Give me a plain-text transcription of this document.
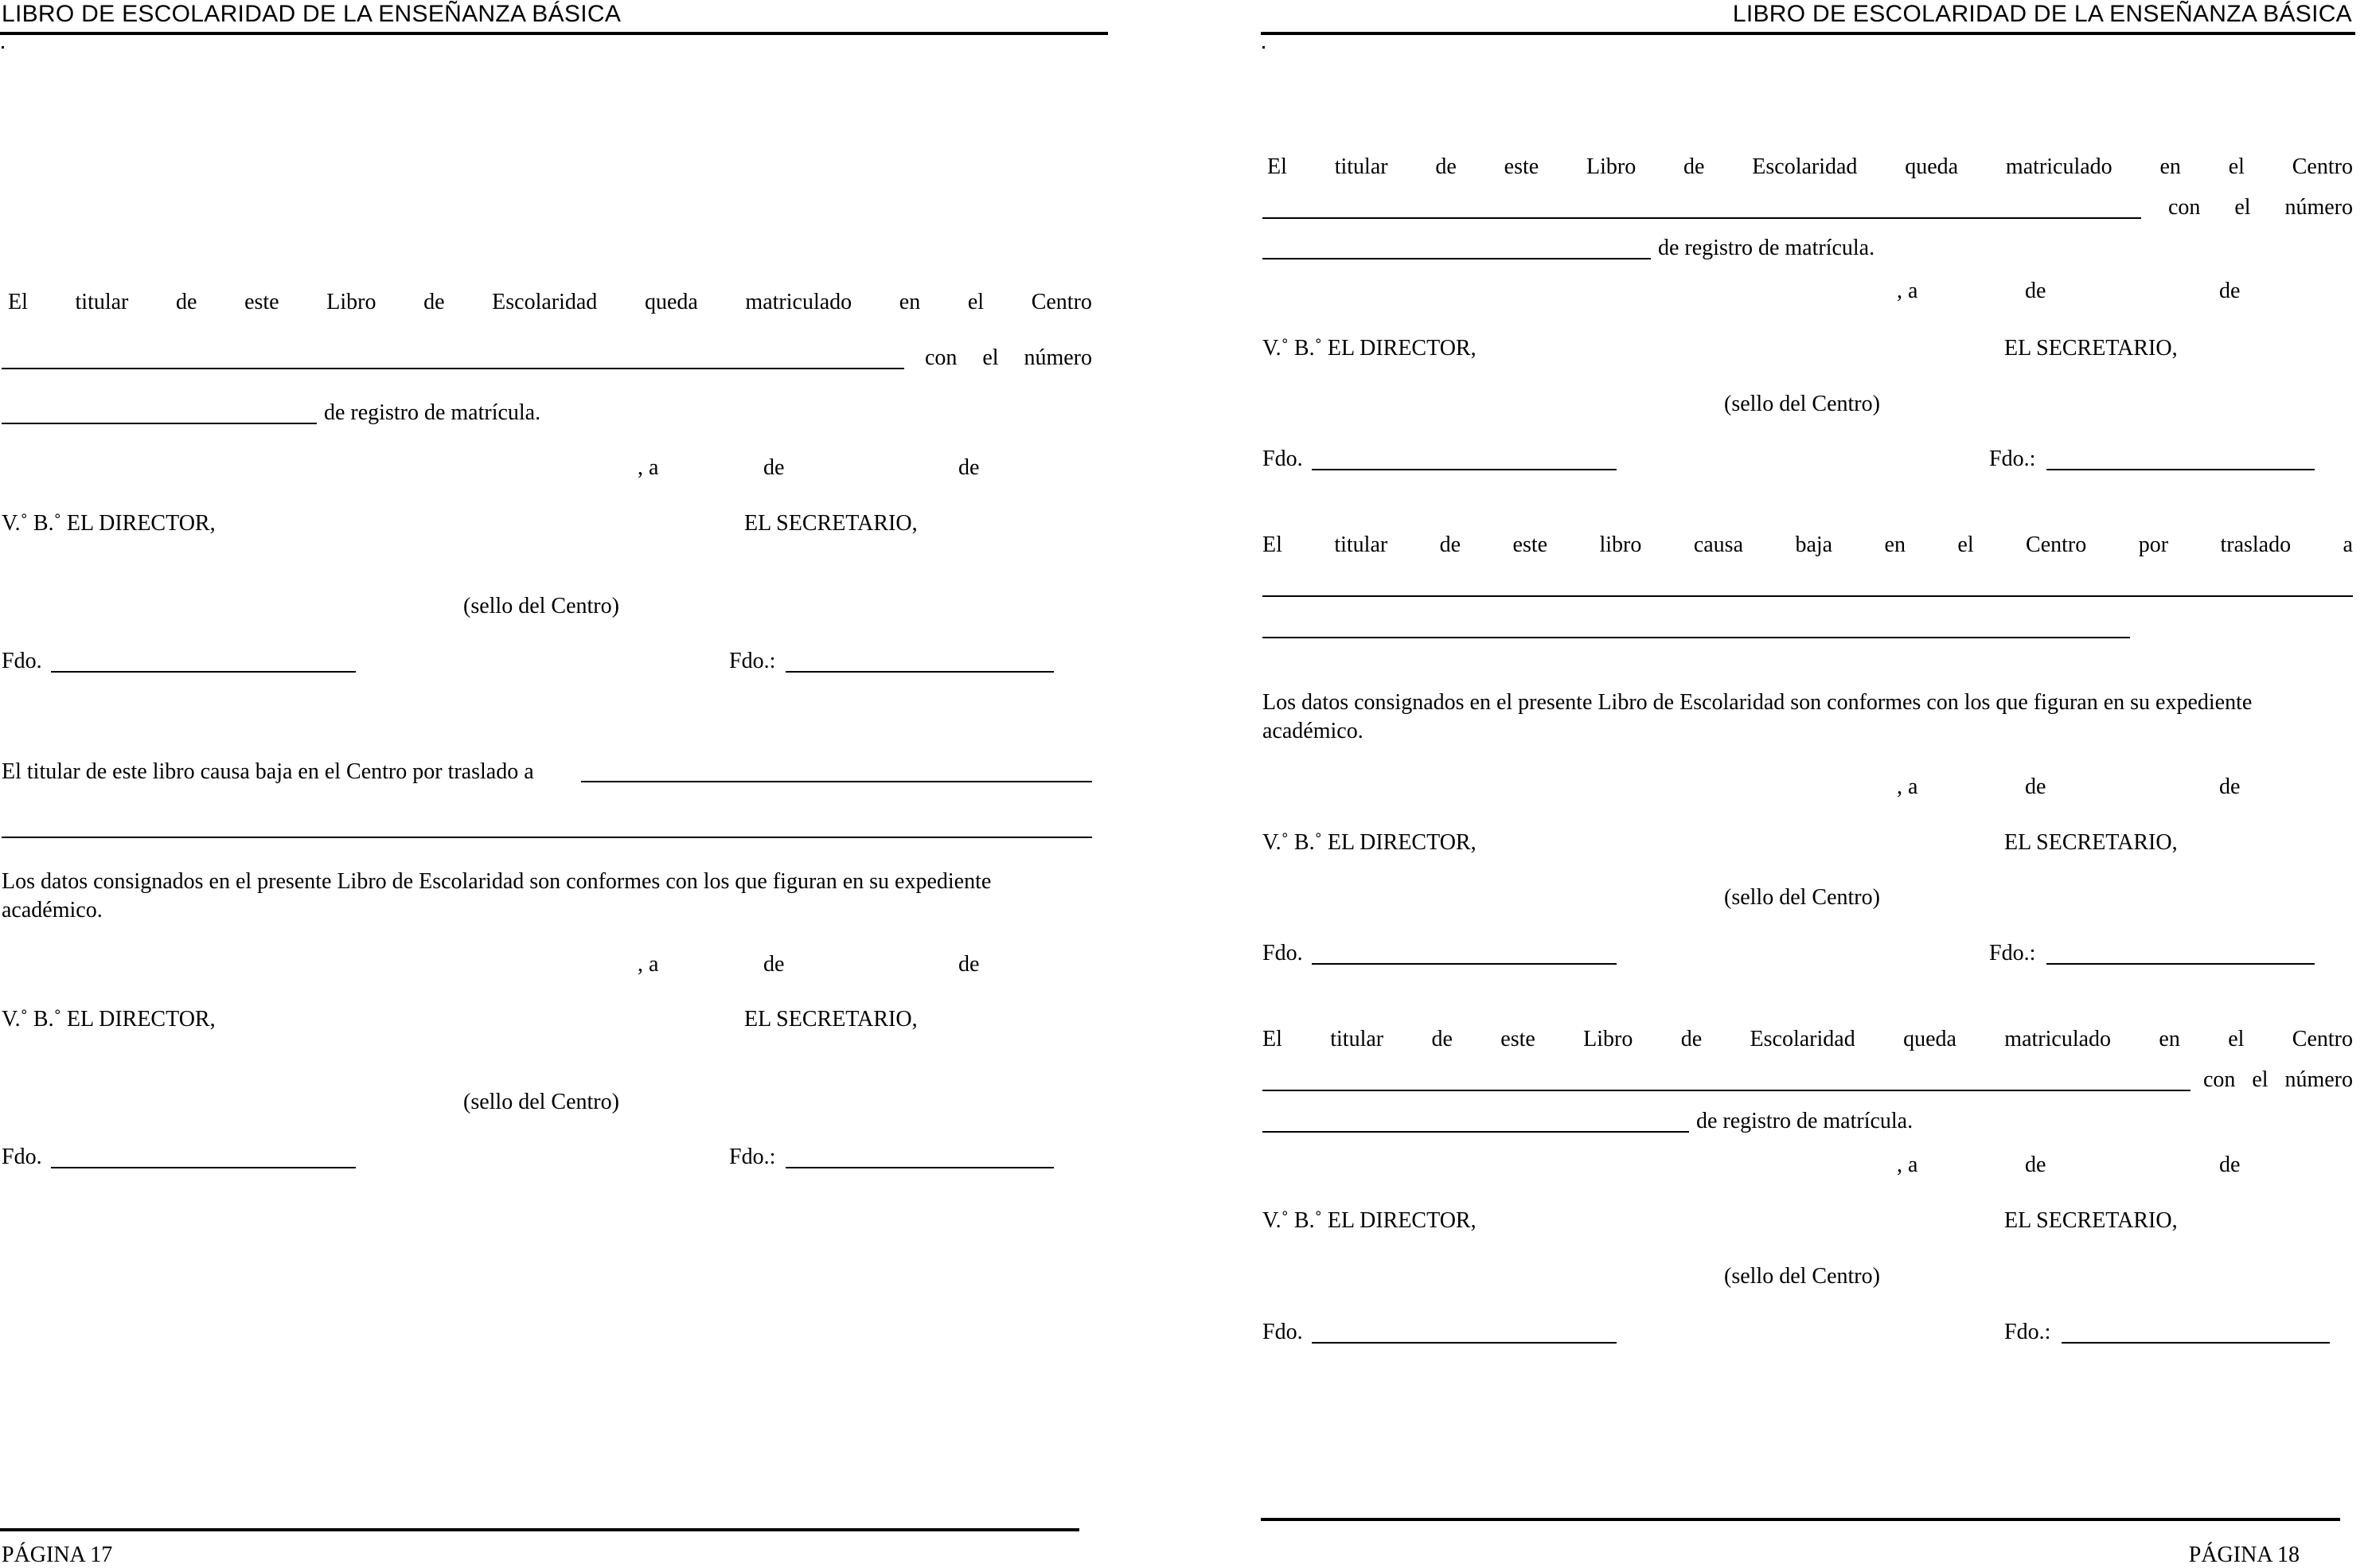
LIBRO DE ESCOLARIDAD DE LA ENSEÑANZA BÁSICA
El titular de este Libro de Escolaridad queda matriculado en el Centro
con el número
de registro de matrícula.
, a	de	de
V.˚ B.˚ EL DIRECTOR,	EL SECRETARIO,
(sello del Centro)
Fdo.	Fdo.:
El titular de este libro causa baja en el Centro por traslado a
Los datos consignados en el presente Libro de Escolaridad son conformes con los que figuran en su expediente académico.
, a	de	de
V.˚ B.˚ EL DIRECTOR,	EL SECRETARIO,
(sello del Centro)
Fdo.	Fdo.:
PÁGINA 17
LIBRO DE ESCOLARIDAD DE LA ENSEÑANZA BÁSICA
El titular de este Libro de Escolaridad queda matriculado en el Centro
con el número
de registro de matrícula.
, a	de	de
V.˚ B.˚ EL DIRECTOR,	EL SECRETARIO,
(sello del Centro)
Fdo.	Fdo.:
El titular de este libro causa baja en el Centro por traslado a
Los datos consignados en el presente Libro de Escolaridad son conformes con los que figuran en su expediente académico.
, a	de	de
V.˚ B.˚ EL DIRECTOR,	EL SECRETARIO,
(sello del Centro)
Fdo.	Fdo.:
El titular de este Libro de Escolaridad queda matriculado en el Centro
con el número
de registro de matrícula.
, a	de	de
V.˚ B.˚ EL DIRECTOR,	EL SECRETARIO,
(sello del Centro)
Fdo.	Fdo.:
PÁGINA 18
